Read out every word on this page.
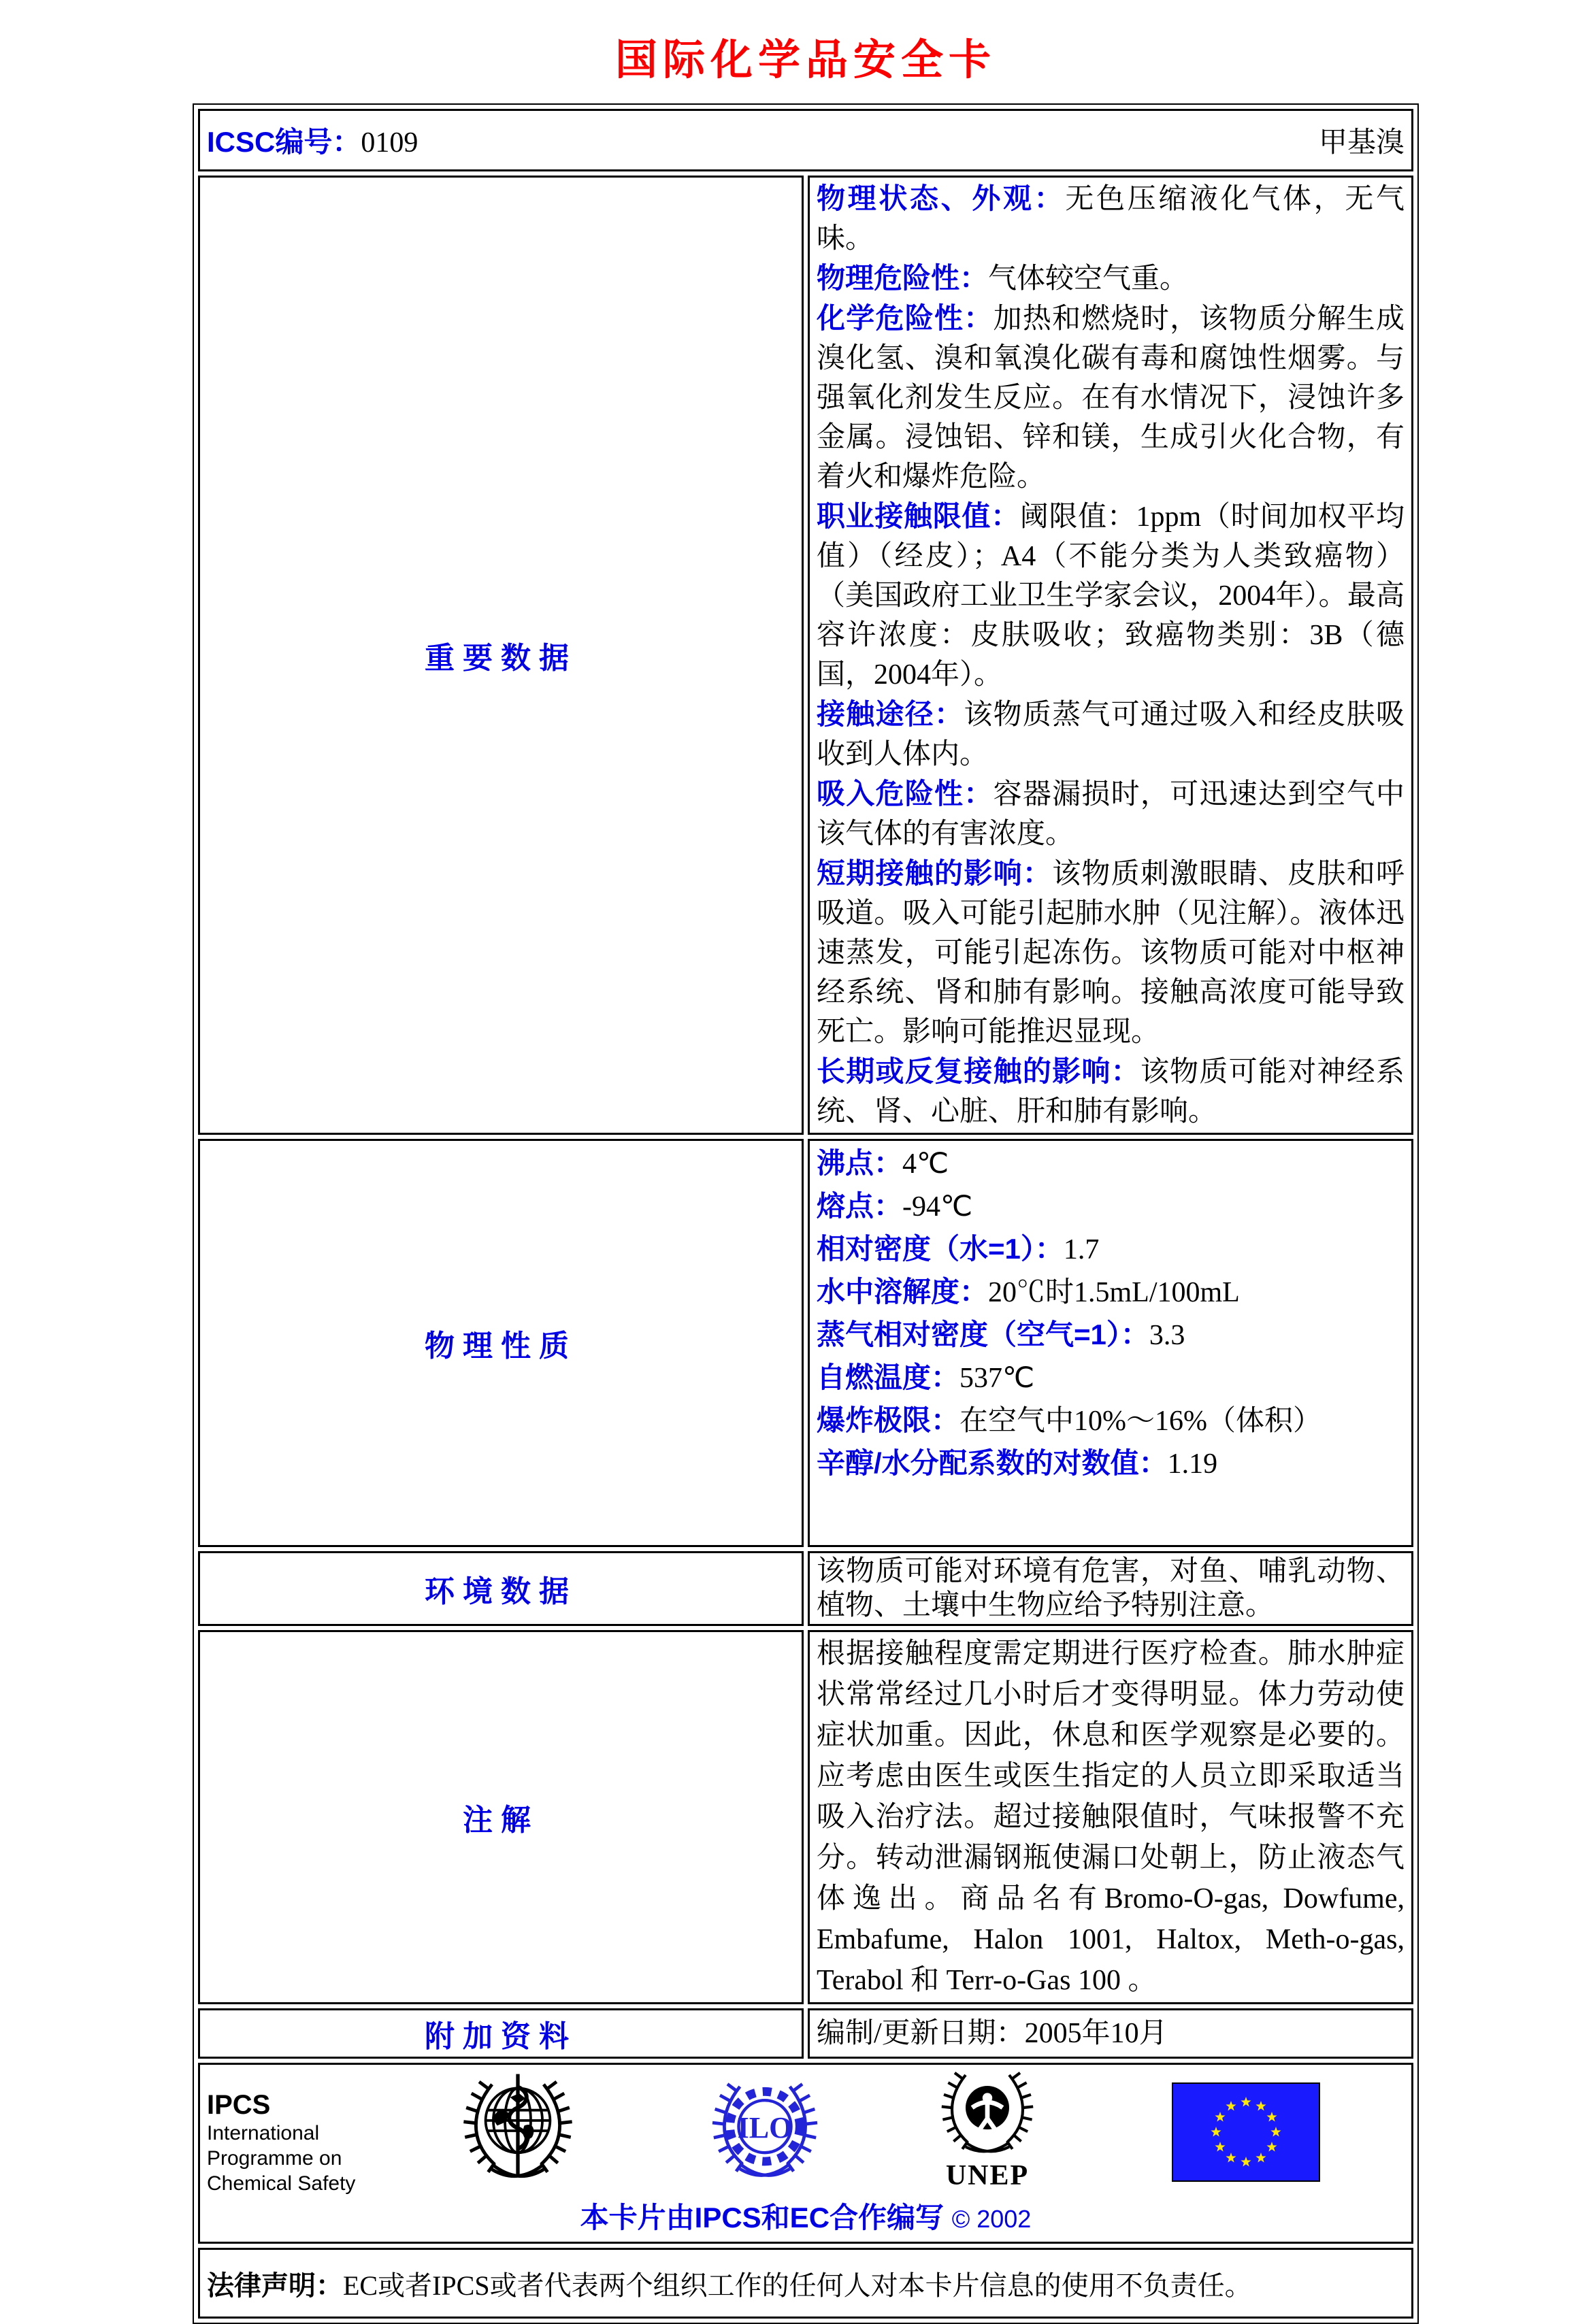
国际化学品安全卡
ICSC编号：0109 甲基溴	

重要数据

物理状态、外观：无色压缩液化气体，无气味。
物理危险性：气体较空气重。
化学危险性：加热和燃烧时，该物质分解生成溴化氢、溴和氧溴化碳有毒和腐蚀性烟雾。与强氧化剂发生反应。在有水情况下，浸蚀许多金属。浸蚀铝、锌和镁，生成引火化合物，有着火和爆炸危险。
职业接触限值：阈限值：1ppm（时间加权平均值）（经皮）；A4（不能分类为人类致癌物）（美国政府工业卫生学家会议，2004年）。最高容许浓度：皮肤吸收；致癌物类别：3B（德国，2004年）。
接触途径：该物质蒸气可通过吸入和经皮肤吸收到人体内。
吸入危险性：容器漏损时，可迅速达到空气中该气体的有害浓度。
短期接触的影响：该物质刺激眼睛、皮肤和呼吸道。吸入可能引起肺水肿（见注解）。液体迅速蒸发，可能引起冻伤。该物质可能对中枢神经系统、肾和肺有影响。接触高浓度可能导致死亡。影响可能推迟显现。
长期或反复接触的影响：该物质可能对神经系统、肾、心脏、肝和肺有影响。

物理性质

沸点：4℃
熔点：-94℃
相对密度（水=1）：1.7
水中溶解度：20℃时1.5mL/100mL
蒸气相对密度（空气=1）：3.3
自燃温度：537℃
爆炸极限：在空气中10%～16%（体积）
辛醇/水分配系数的对数值：1.19

环境数据	该物质可能对环境有危害，对鱼、哺乳动物、植物、土壤中生物应给予特别注意。

注解	根据接触程度需定期进行医疗检查。肺水肿症状常常经过几小时后才变得明显。体力劳动使症状加重。因此，休息和医学观察是必要的。应考虑由医生或医生指定的人员立即采取适当吸入治疗法。超过接触限值时，气味报警不充分。转动泄漏钢瓶使漏口处朝上，防止液态气体逸出。商品名有Bromo-O-gas, Dowfume, Embafume, Halon 1001, Haltox, Meth-o-gas, Terabol 和 Terr-o-Gas 100 。

附加资料	编制/更新日期：2005年10月

IPCS
International
Programme on
Chemical Safety
ILO
UNEP
本卡片由IPCS和EC合作编写 © 2002

法律声明：EC或者IPCS或者代表两个组织工作的任何人对本卡片信息的使用不负责任。	
